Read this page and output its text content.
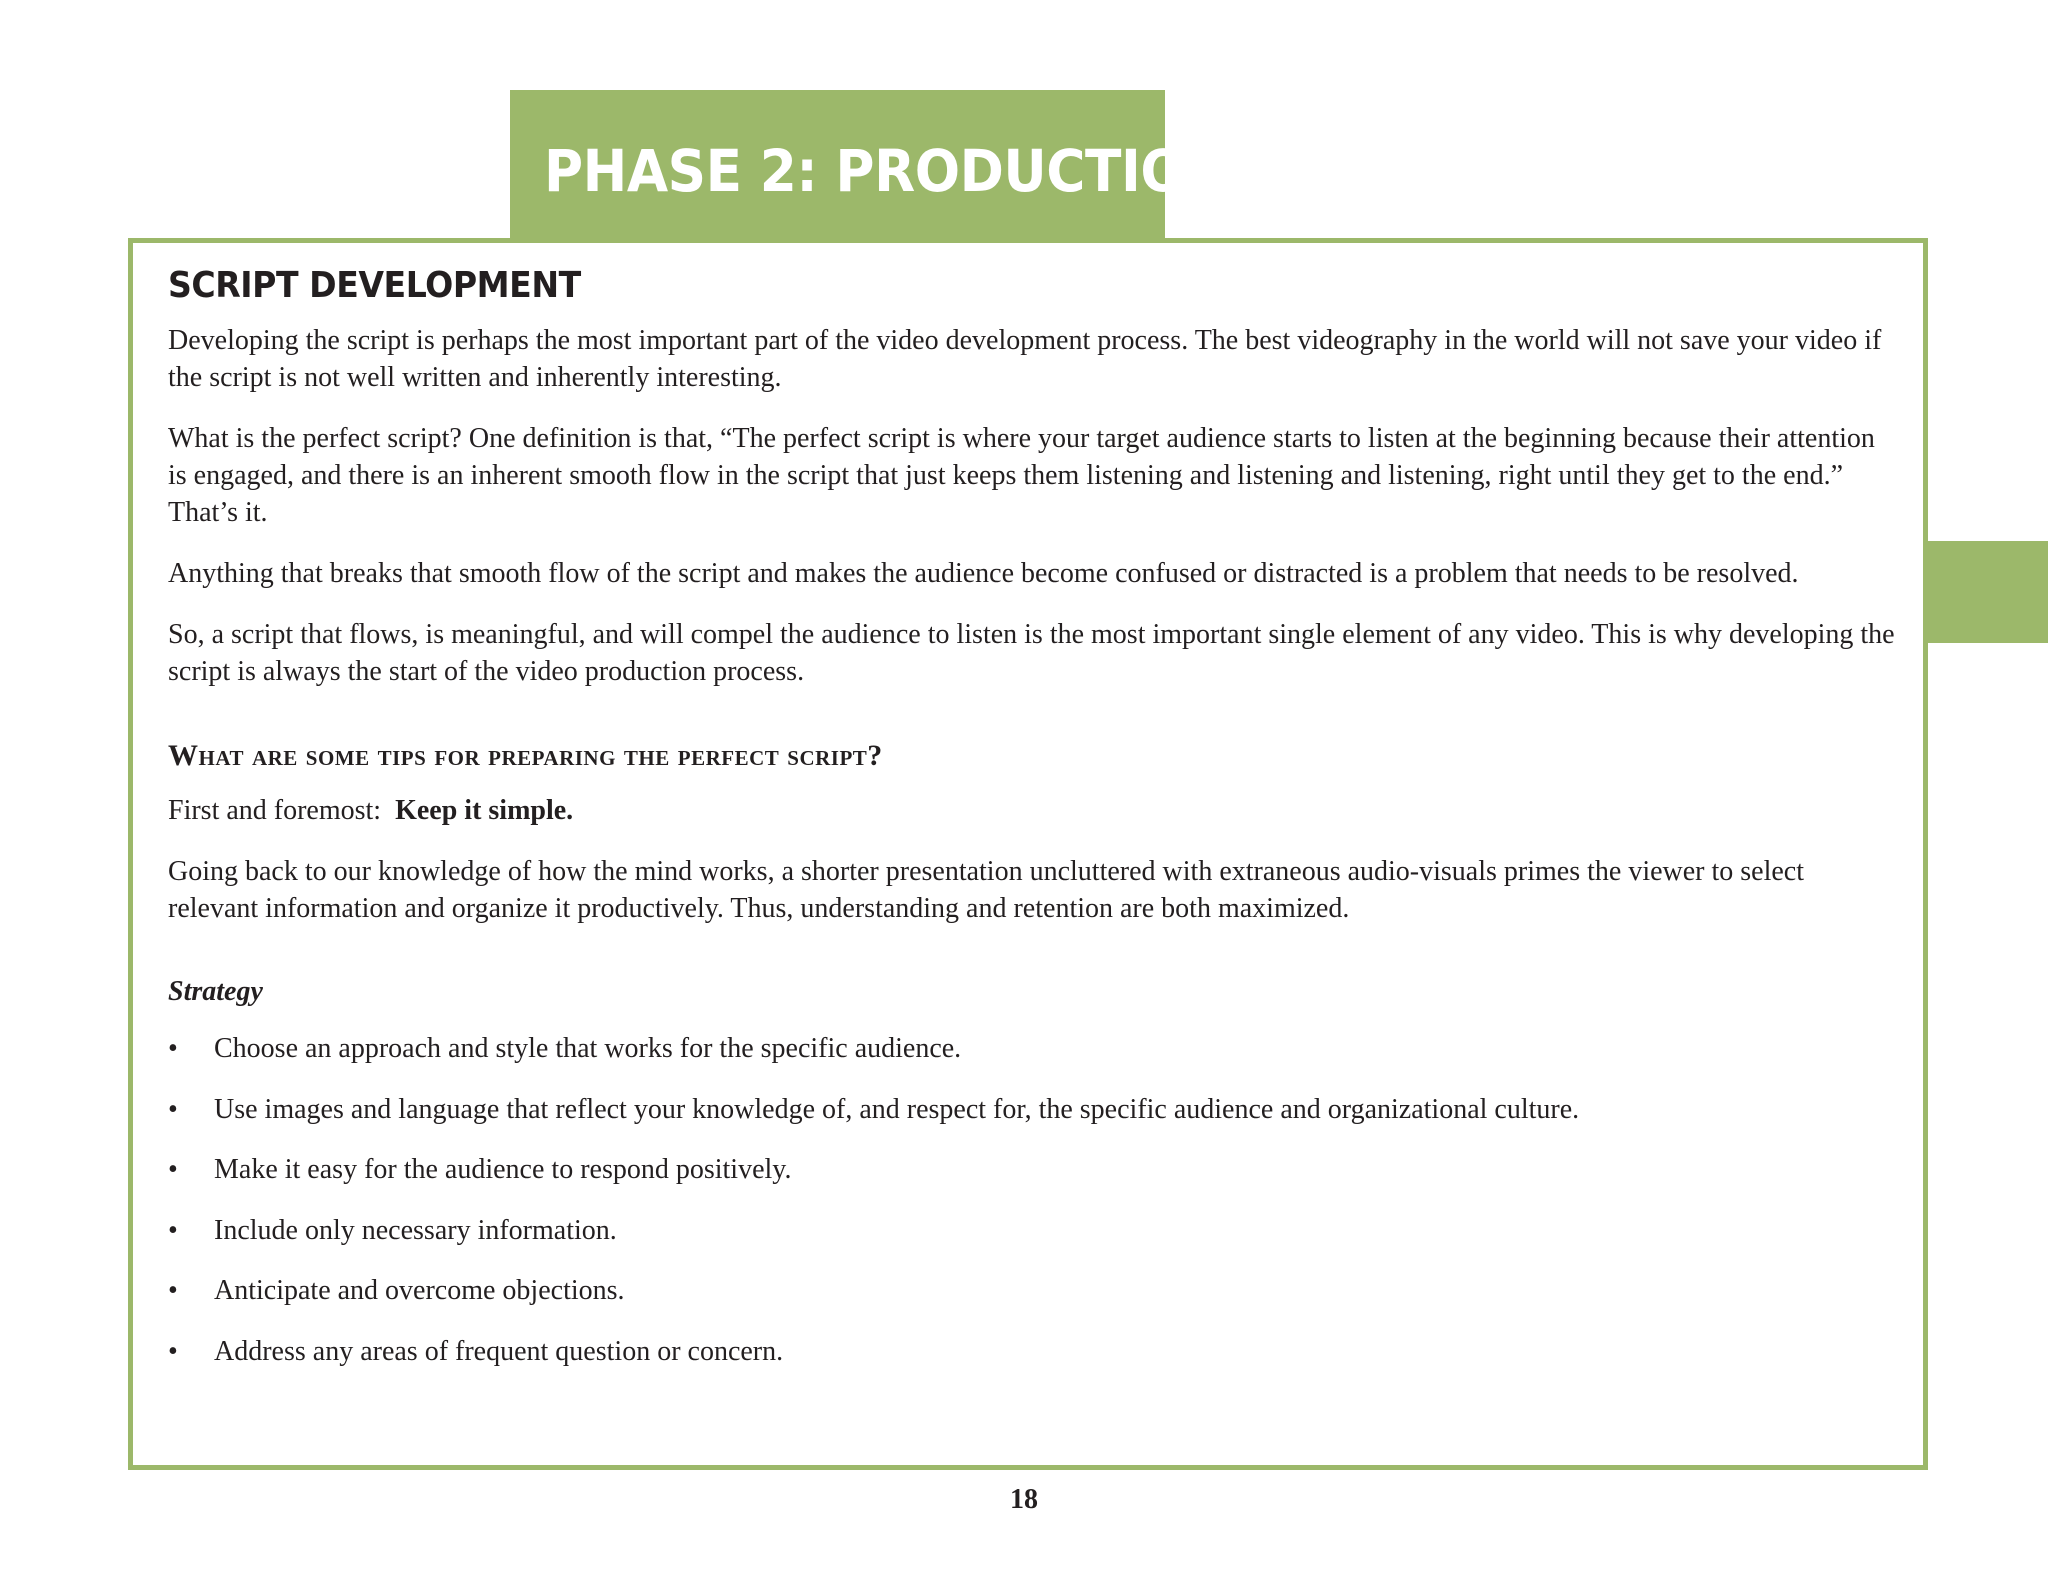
PHASE 2: PRODUCTION
SCRIPT DEVELOPMENT

Developing the script is perhaps the most important part of the video development process. The best videography in the world will not save your video if the script is not well written and inherently interesting.

What is the perfect script? One definition is that, “The perfect script is where your target audience starts to listen at the beginning because their attention is engaged, and there is an inherent smooth flow in the script that just keeps them listening and listening and listening, right until they get to the end.” That’s it.

Anything that breaks that smooth flow of the script and makes the audience become confused or distracted is a problem that needs to be resolved.

So, a script that flows, is meaningful, and will compel the audience to listen is the most important single element of any video. This is why developing the script is always the start of the video production process.

What are some tips for preparing the perfect script?

First and foremost: Keep it simple.

Going back to our knowledge of how the mind works, a shorter presentation uncluttered with extraneous audio-visuals primes the viewer to select relevant information and organize it productively. Thus, understanding and retention are both maximized.

Strategy
• Choose an approach and style that works for the specific audience.
• Use images and language that reflect your knowledge of, and respect for, the specific audience and organizational culture.
• Make it easy for the audience to respond positively.
• Include only necessary information.
• Anticipate and overcome objections.
• Address any areas of frequent question or concern.
18
